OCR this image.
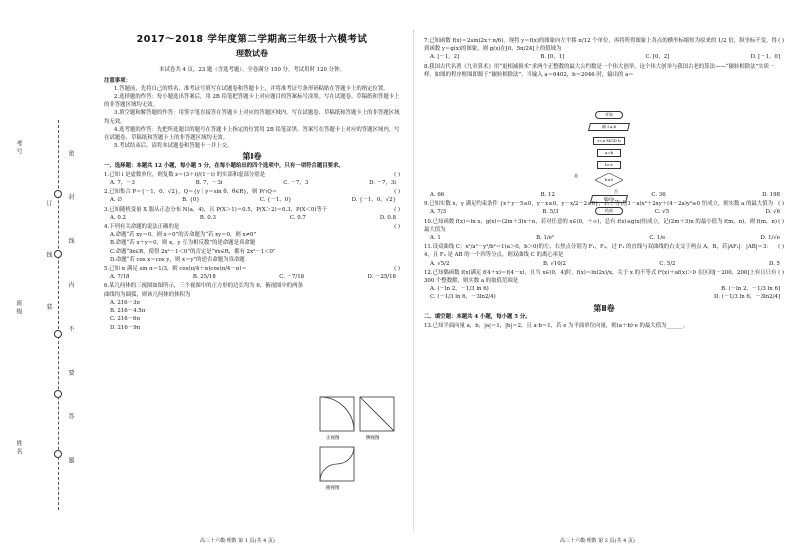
考号
班级
姓名	密 封 线 内 不 要 答 题
订 线 装
2017～2018 学年度第二学期高三年级十六模考试
理数试卷
本试卷共 4 页，23 题（含选考题）。全卷满分 150 分。考试用时 120 分钟。
注意事项：
1.答题前，先将自己的姓名、准考证号填写在试题卷和答题卡上，并将准考证号条形码粘贴在答题卡上的指定位置。
2.选择题的作答：每小题选出答案后，用 2B 铅笔把答题卡上对应题目的答案标号涂黑。写在试题卷、草稿纸和答题卡上的非答题区域均无效。
3.填空题和解答题的作答：用签字笔直接答在答题卡上对应的答题区域内。写在试题卷、草稿纸和答题卡上的非答题区域均无效。
4.选考题的作答：先把所选题目的题号在答题卡上指定的位置用 2B 铅笔涂黑。答案写在答题卡上对应的答题区域内，写在试题卷、草稿纸和答题卡上的非答题区域均无效。
5.考试结束后，请将本试题卷和答题卡一并上交。
第Ⅰ卷
一、选择题：本题共 12 小题，每小题 5 分，在每小题给出的四个选项中，只有一项符合题目要求。
( )
1.已知 i 是虚数单位，则复数 z＝(3＋i)/(1－i) 的实部和虚部分别是
A. 7，－3	B. 7，－3i	C. －7，3	D. －7，3i
( )
2.已知集合 P＝{－1，0，√2}，Q＝{y｜y＝sin θ，θ∈R}，则 P∩Q＝
A. ∅	B. {0}	C. {－1，0}	D. {－1，0，√2}
( )
3.已知随机变量 X 服从正态分布 N(a，4)，且 P(X＞1)＝0.5，P(X＞2)＝0.3，P(X＜0)等于
A. 0.2	B. 0.3	C. 0.7	D. 0.8
( )
4.下列有关命题的说法正确的是
A.命题“若 xy＝0，则 x＝0”的否命题为“若 xy＝0，则 x≠0”
B.命题“若 x＋y＝0，则 x，y 互为相反数”的逆命题是真命题
C.命题“∃x∈R，使得 2x²－1＜0”的否定是“∀x∈R，都有 2x²－1＜0”
D.命题“若 cos x＝cos y，则 x＝y”的逆否命题为真命题
( )
5.已知 α 满足 sin α＝1/3，则 cos(π/4＋α)cos(π/4－α)＝
A. 7/18	B. 25/18	C. －7/18	D. －25/18
6.某几何体的三视图如图所示，三个视图中的正方形的边长均为 6，俯视图中的两条曲线均为圆弧，则该几何体的体积为
A. 216－3π
B. 216－4.5π
C. 216－6π
D. 216－9π
正视图	侧视图
俯视图
( )
7.已知函数 f(x)＝2sin(2x＋π/6)，现将 y＝f(x)的图象向左平移 π/12 个单位，再将所得图象上各点的横坐标缩短为原来的 1/2 倍，纵坐标不变，得到函数 y＝g(x)的图象，则 g(x)在[0，5π/24]上的值域为
A. [－1，2]	B. [0，1]	C. [0，2]	D. [－1，0]
8.我国古代名著《九章算术》用“更相减损术”求两个正整数的最大公约数是一个伟大创举，这个伟大创举与我国古老的算法——“辗转相除法”实质一样。如图的程序框图即源于“辗转相除法”，当输入 a＝6402，b＝2046 时，输出的 a＝
A. 66	B. 12	C. 36	D. 198
( )
9.已知实数 x，y 满足约束条件 {x＋y－5≤0，y－x≥0，y－x/2－2≤0}，若不等式(1－a)x²＋2xy＋(4－2a)y²≥0 恒成立，则实数 a 的最大值为
A. 7/3	B. 5/3	C. √5	D. √6
( )
10.已知函数 f(x)＝ln x，g(x)＝(2m＋3)x＋n，若对任意的 x∈(0，＋∞)，总有 f(x)≤g(x)恒成立，记(2m＋3)n 的最小值为 f(m，n)，则 f(m，n)最大值为
A. 1	B. 1/e²	C. 1/e	D. 1/√e
( )
11.设双曲线 C：x²/a²－y²/b²＝1(a＞0，b＞0)的左、右焦点分别为 F₁，F₂，过 F₁ 的直线与双曲线的右支交于两点 A，B，若|AF₁|：|AB|＝3：4，且 F₂ 是 AB 的一个四等分点，则双曲线 C 的离心率是
A. √5/2	B. √10/2	C. 5/2	D. 5
( )
12.已知偶函数 f(x)满足 f(4＋x)＝f(4－x)，且当 x∈(0，4]时，f(x)＝ln(2x)/x，关于 x 的不等式 f²(x)＋af(x)＞0 在区间[－200，200]上有且只有 300 个整数解，则实数 a 的取值范围是
A. (－ln 2，－1/3 ln 6)	B. (－ln 2，－1/3 ln 6]
C. (－1/3 ln 6，－3ln2/4)	D. (－1/3 ln 6，－3ln2/4]
第Ⅱ卷
二、填空题：本题共 4 小题，每小题 5 分。
13.已知平面向量 a，b，|a|＝1，|b|＝2，且 a·b＝1，若 e 为平面单位向量，则(a＋b)·e 的最大值为______。
开始
输入a,b
r=a MOD b
a=b
b=r
b≠0
是
否
输出a
结束
高三十六模·理数 第 1 页(共 4 页)	高三十六模·理数 第 2 页(共 4 页)
